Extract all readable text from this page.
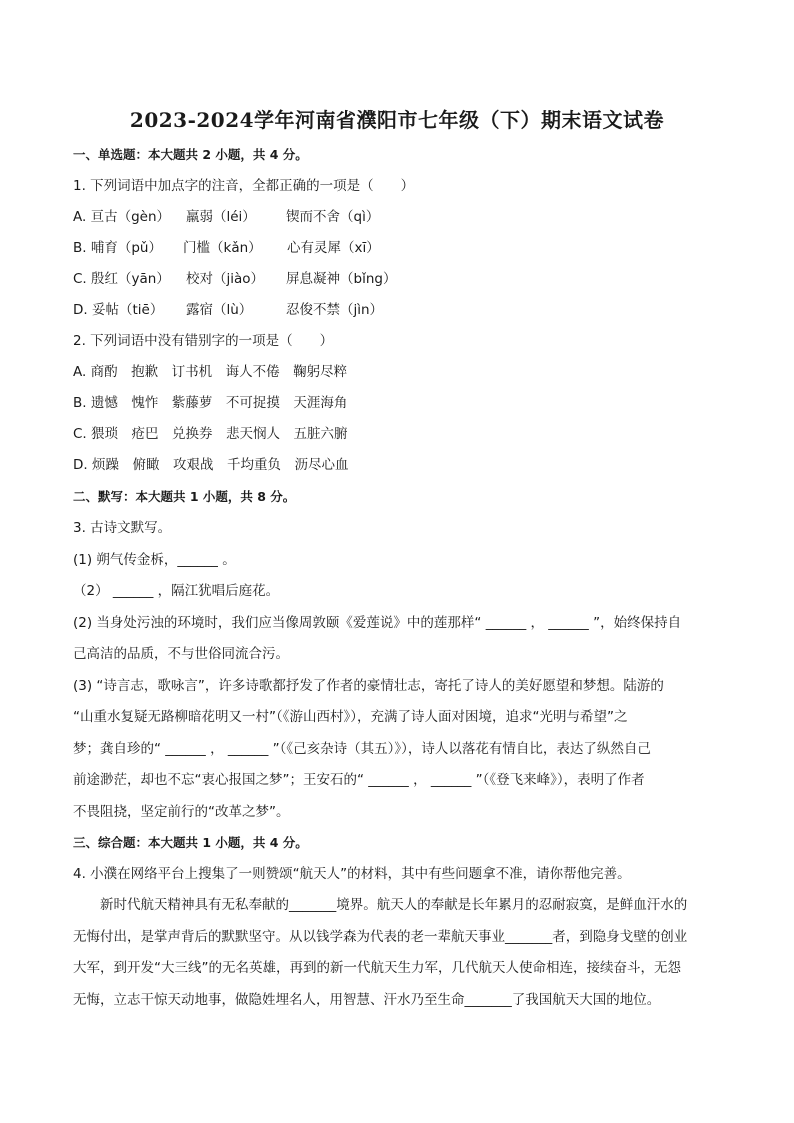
2023-2024学年河南省濮阳市七年级（下）期末语文试卷
一、单选题：本大题共 2 小题，共 4 分。
1. 下列词语中加点字的注音，全都正确的一项是（　　）
A. 亘古（gèn） 羸弱（léi） 锲而不舍（qì）
B. 哺育（pǔ） 门槛（kǎn） 心有灵犀（xī）
C. 殷红（yān） 校对（jiào） 屏息凝神（bǐng）
D. 妥帖（tiē） 露宿（lù） 忍俊不禁（jìn）
2. 下列词语中没有错别字的一项是（　　）
A. 商酌　抱歉　订书机　诲人不倦　鞠躬尽粹
B. 遗憾　愧怍　紫藤萝　不可捉摸　天涯海角
C. 猥琐　疮巴　兑换券　悲天悯人　五脏六腑
D. 烦躁　俯瞰　攻艰战　千均重负　沥尽心血
二、默写：本大题共 1 小题，共 8 分。
3. 古诗文默写。
(1) 朔气传金柝，______ 。
（2） ______ ，隔江犹唱后庭花。
(2) 当身处污浊的环境时，我们应当像周敦颐《爱莲说》中的莲那样“ ______ ， ______ ”，始终保持自
己高洁的品质，不与世俗同流合污。
(3) “诗言志，歌咏言”，许多诗歌都抒发了作者的豪情壮志，寄托了诗人的美好愿望和梦想。陆游的
“山重水复疑无路柳暗花明又一村”（《游山西村》），充满了诗人面对困境，追求“光明与希望”之
梦；龚自珍的“ ______ ， ______ ”（《己亥杂诗（其五）》），诗人以落花有情自比，表达了纵然自己
前途渺茫，却也不忘“衷心报国之梦”；王安石的“ ______ ， ______ ”（《登飞来峰》），表明了作者
不畏阻挠，坚定前行的“改革之梦”。
三、综合题：本大题共 1 小题，共 4 分。
4. 小濮在网络平台上搜集了一则赞颂“航天人”的材料，其中有些问题拿不准，请你帮他完善。
　　新时代航天精神具有无私奉献的_______境界。航天人的奉献是长年累月的忍耐寂寞，是鲜血汗水的
无悔付出，是掌声背后的默默坚守。从以钱学森为代表的老一辈航天事业_______者，到隐身戈壁的创业
大军，到开发“大三线”的无名英雄，再到的新一代航天生力军，几代航天人使命相连，接续奋斗，无怨
无悔，立志干惊天动地事，做隐姓埋名人，用智慧、汗水乃至生命_______了我国航天大国的地位。
